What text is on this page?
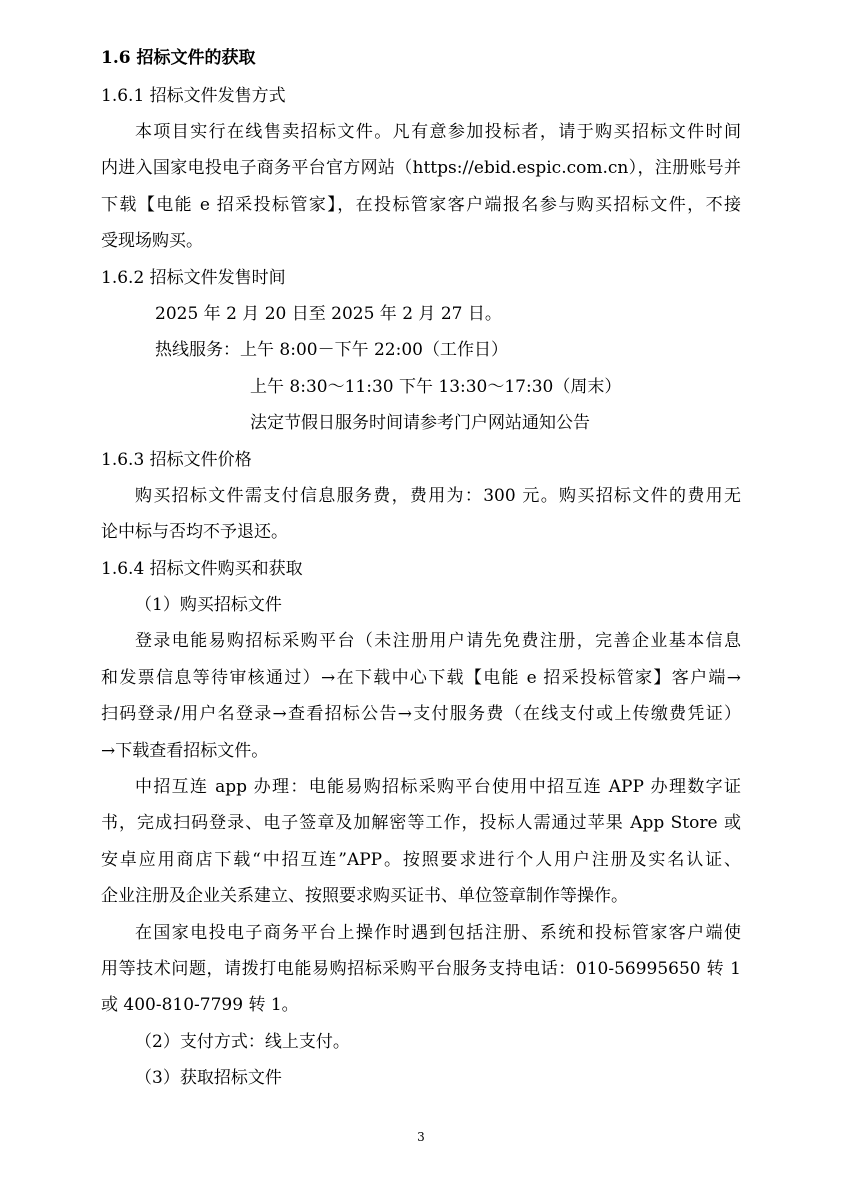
1.6 招标文件的获取
1.6.1 招标文件发售方式
本项目实行在线售卖招标文件。凡有意参加投标者，请于购买招标文件时间
内进入国家电投电子商务平台官方网站（https://ebid.espic.com.cn），注册账号并
下载【电能 e 招采投标管家】，在投标管家客户端报名参与购买招标文件，不接
受现场购买。
1.6.2 招标文件发售时间
2025 年 2 月 20 日至 2025 年 2 月 27 日。
热线服务：上午 8:00－下午 22:00（工作日）
上午 8:30～11:30 下午 13:30～17:30（周末）
法定节假日服务时间请参考门户网站通知公告
1.6.3 招标文件价格
购买招标文件需支付信息服务费，费用为：300 元。购买招标文件的费用无
论中标与否均不予退还。
1.6.4 招标文件购买和获取
（1）购买招标文件
登录电能易购招标采购平台（未注册用户请先免费注册，完善企业基本信息
和发票信息等待审核通过）→在下载中心下载【电能 e 招采投标管家】客户端→
扫码登录/用户名登录→查看招标公告→支付服务费（在线支付或上传缴费凭证）
→下载查看招标文件。
中招互连 app 办理：电能易购招标采购平台使用中招互连 APP 办理数字证
书，完成扫码登录、电子签章及加解密等工作，投标人需通过苹果 App Store 或
安卓应用商店下载“中招互连”APP。按照要求进行个人用户注册及实名认证、
企业注册及企业关系建立、按照要求购买证书、单位签章制作等操作。
在国家电投电子商务平台上操作时遇到包括注册、系统和投标管家客户端使
用等技术问题，请拨打电能易购招标采购平台服务支持电话：010-56995650 转 1
或 400-810-7799 转 1。
（2）支付方式：线上支付。
（3）获取招标文件
3
